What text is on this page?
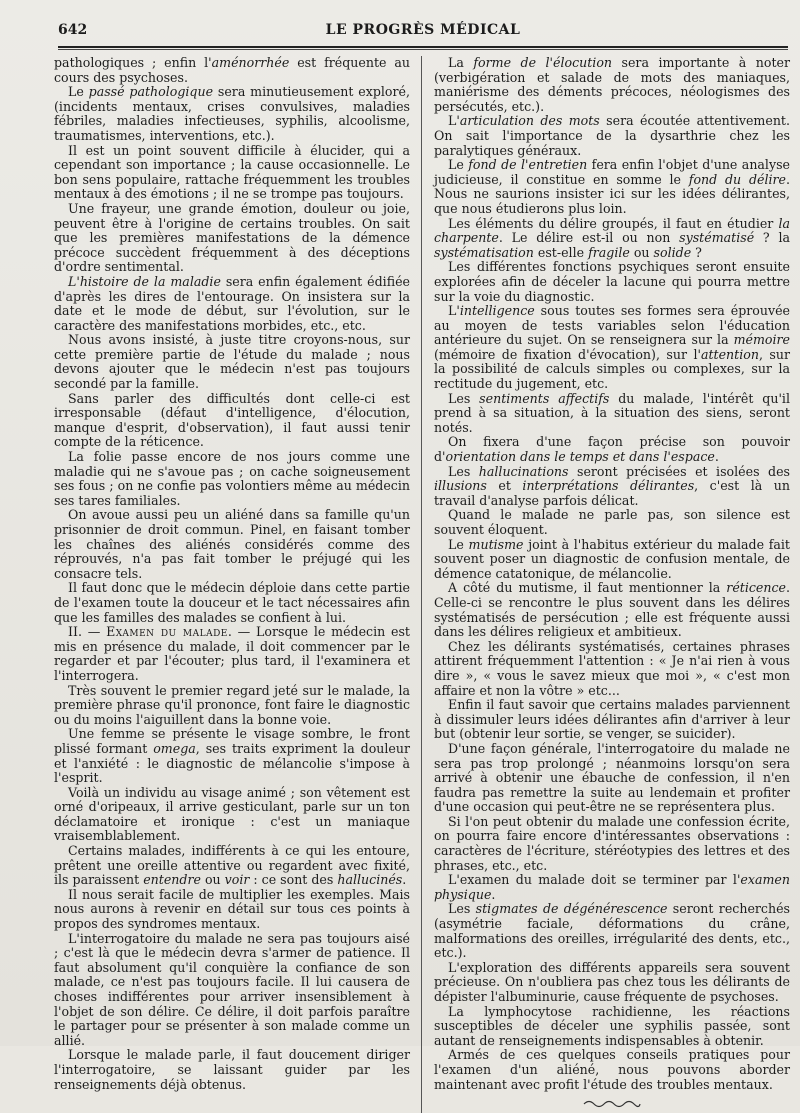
642	LE PROGRÈS MÉDICAL

pathologiques ; enfin l'aménorrhée est fréquente au cours des psychoses.

Le passé pathologique sera minutieusement exploré, (incidents mentaux, crises convulsives, maladies fébriles, maladies infectieuses, syphilis, alcoolisme, traumatismes, interventions, etc.).

Il est un point souvent difficile à élucider, qui a cependant son importance ; la cause occasionnelle. Le bon sens populaire, rattache fréquemment les troubles mentaux à des émotions ; il ne se trompe pas toujours.

Une frayeur, une grande émotion, douleur ou joie, peuvent être à l'origine de certains troubles. On sait que les premières manifestations de la démence précoce succèdent fréquemment à des déceptions d'ordre sentimental.

L'histoire de la maladie sera enfin également édifiée d'après les dires de l'entourage. On insistera sur la date et le mode de début, sur l'évolution, sur le caractère des manifestations morbides, etc., etc.

Nous avons insisté, à juste titre croyons-nous, sur cette première partie de l'étude du malade ; nous devons ajouter que le médecin n'est pas toujours secondé par la famille.

Sans parler des difficultés dont celle-ci est irresponsable (défaut d'intelligence, d'élocution, manque d'esprit, d'observation), il faut aussi tenir compte de la réticence.

La folie passe encore de nos jours comme une maladie qui ne s'avoue pas ; on cache soigneusement ses fous ; on ne confie pas volontiers même au médecin ses tares familiales.

On avoue aussi peu un aliéné dans sa famille qu'un prisonnier de droit commun. Pinel, en faisant tomber les chaînes des aliénés considérés comme des réprouvés, n'a pas fait tomber le préjugé qui les consacre tels.

Il faut donc que le médecin déploie dans cette partie de l'examen toute la douceur et le tact nécessaires afin que les familles des malades se confient à lui.

II. — Examen du malade. — Lorsque le médecin est mis en présence du malade, il doit commencer par le regarder et par l'écouter; plus tard, il l'examinera et l'interrogera.

Très souvent le premier regard jeté sur le malade, la première phrase qu'il prononce, font faire le diagnostic ou du moins l'aiguillent dans la bonne voie.

Une femme se présente le visage sombre, le front plissé formant omega, ses traits expriment la douleur et l'anxiété : le diagnostic de mélancolie s'impose à l'esprit.

Voilà un individu au visage animé ; son vêtement est orné d'oripeaux, il arrive gesticulant, parle sur un ton déclamatoire et ironique : c'est un maniaque vraisemblablement.

Certains malades, indifférents à ce qui les entoure, prêtent une oreille attentive ou regardent avec fixité, ils paraissent entendre ou voir : ce sont des hallucinés.

Il nous serait facile de multiplier les exemples. Mais nous aurons à revenir en détail sur tous ces points à propos des syndromes mentaux.

L'interrogatoire du malade ne sera pas toujours aisé ; c'est là que le médecin devra s'armer de patience. Il faut absolument qu'il conquière la confiance de son malade, ce n'est pas toujours facile. Il lui causera de choses indifférentes pour arriver insensiblement à l'objet de son délire. Ce délire, il doit parfois paraître le partager pour se présenter à son malade comme un allié.

Lorsque le malade parle, il faut doucement diriger l'interrogatoire, se laissant guider par les renseignements déjà obtenus.

La forme de l'élocution sera importante à noter (verbigération et salade de mots des maniaques, maniérisme des déments précoces, néologismes des persécutés, etc.).

L'articulation des mots sera écoutée attentivement. On sait l'importance de la dysarthrie chez les paralytiques généraux.

Le fond de l'entretien fera enfin l'objet d'une analyse judicieuse, il constitue en somme le fond du délire. Nous ne saurions insister ici sur les idées délirantes, que nous étudierons plus loin.

Les éléments du délire groupés, il faut en étudier la charpente. Le délire est-il ou non systématisé ? la systématisation est-elle fragile ou solide ?

Les différentes fonctions psychiques seront ensuite explorées afin de déceler la lacune qui pourra mettre sur la voie du diagnostic.

L'intelligence sous toutes ses formes sera éprouvée au moyen de tests variables selon l'éducation antérieure du sujet. On se renseignera sur la mémoire (mémoire de fixation d'évocation), sur l'attention, sur la possibilité de calculs simples ou complexes, sur la rectitude du jugement, etc.

Les sentiments affectifs du malade, l'intérêt qu'il prend à sa situation, à la situation des siens, seront notés.

On fixera d'une façon précise son pouvoir d'orientation dans le temps et dans l'espace.

Les hallucinations seront précisées et isolées des illusions et interprétations délirantes, c'est là un travail d'analyse parfois délicat.

Quand le malade ne parle pas, son silence est souvent éloquent.

Le mutisme joint à l'habitus extérieur du malade fait souvent poser un diagnostic de confusion mentale, de démence catatonique, de mélancolie.

A côté du mutisme, il faut mentionner la réticence. Celle-ci se rencontre le plus souvent dans les délires systématisés de persécution ; elle est fréquente aussi dans les délires religieux et ambitieux.

Chez les délirants systématisés, certaines phrases attirent fréquemment l'attention : « Je n'ai rien à vous dire », « vous le savez mieux que moi », « c'est mon affaire et non la vôtre » etc...

Enfin il faut savoir que certains malades parviennent à dissimuler leurs idées délirantes afin d'arriver à leur but (obtenir leur sortie, se venger, se suicider).

D'une façon générale, l'interrogatoire du malade ne sera pas trop prolongé ; néanmoins lorsqu'on sera arrivé à obtenir une ébauche de confession, il n'en faudra pas remettre la suite au lendemain et profiter d'une occasion qui peut-être ne se représentera plus.

Si l'on peut obtenir du malade une confession écrite, on pourra faire encore d'intéressantes observations : caractères de l'écriture, stéréotypies des lettres et des phrases, etc., etc.

L'examen du malade doit se terminer par l'examen physique.

Les stigmates de dégénérescence seront recherchés (asymétrie faciale, déformations du crâne, malformations des oreilles, irrégularité des dents, etc., etc.).

L'exploration des différents appareils sera souvent précieuse. On n'oubliera pas chez tous les délirants de dépister l'albuminurie, cause fréquente de psychoses.

La lymphocytose rachidienne, les réactions susceptibles de déceler une syphilis passée, sont autant de renseignements indispensables à obtenir.

Armés de ces quelques conseils pratiques pour l'examen d'un aliéné, nous pouvons aborder maintenant avec profit l'étude des troubles mentaux.
